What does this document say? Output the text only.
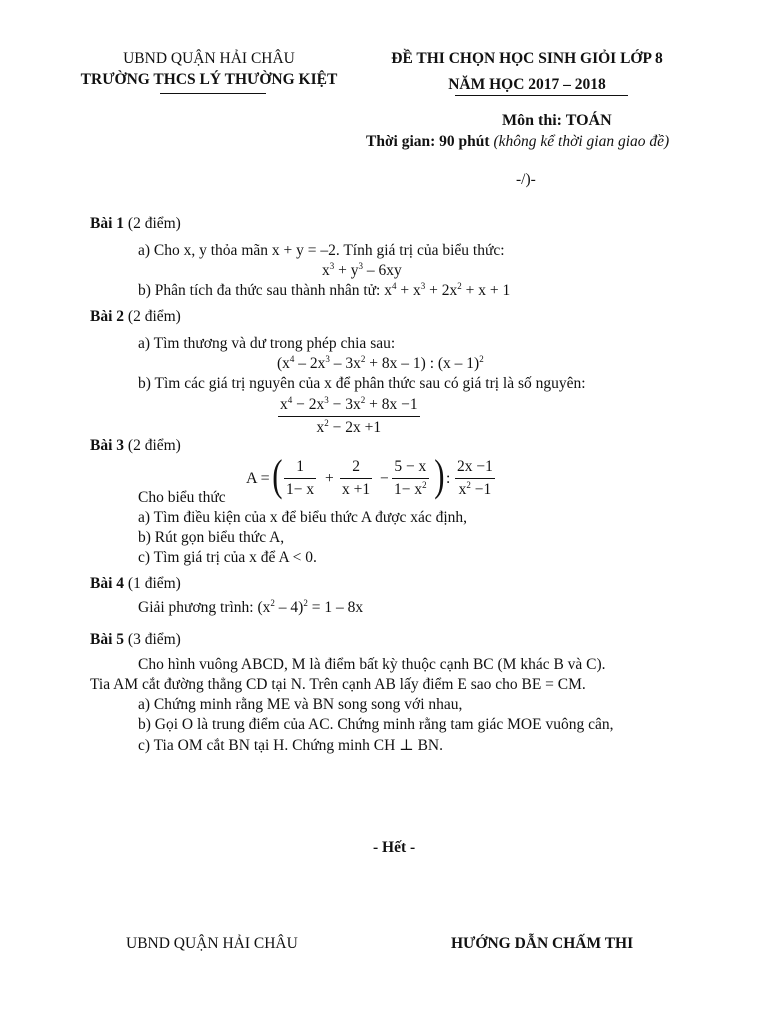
UBND QUẬN HẢI CHÂU
TRƯỜNG THCS LÝ THƯỜNG KIỆT
ĐỀ THI CHỌN HỌC SINH GIỎI LỚP 8
NĂM HỌC 2017 – 2018
Môn thi: TOÁN
Thời gian: 90 phút (không kể thời gian giao đề)
-/)-
Bài 1 (2 điểm)
a) Cho x, y thỏa mãn x + y = –2. Tính giá trị của biểu thức:
$x^3 + y^3 - 6xy$
b) Phân tích đa thức sau thành nhân tử: $x^4 + x^3 + 2x^2 + x + 1$
Bài 2 (2 điểm)
a) Tìm thương và dư trong phép chia sau:
$(x^4 - 2x^3 - 3x^2 + 8x - 1)$ : (x – 1)$^2$
b) Tìm các giá trị nguyên của x để phân thức sau có giá trị là số nguyên:
$x^4 - 2x^3 - 3x^2 + 8x -1$
$x^2 - 2x +1$
Bài 3 (2 điểm)
A = ( 1
1− x
+
2
x +1
−
5 − x
$1- x^2$ ) :
2x −1
$x^2 -1$
Cho biểu thức
a) Tìm điều kiện của x để biểu thức A được xác định,
b) Rút gọn biểu thức A,
c) Tìm giá trị của x để A < 0.
Bài 4 (1 điểm)
Giải phương trình: $(x^2 - 4)^2 = 1 - 8x$
Bài 5 (3 điểm)
Cho hình vuông ABCD, M là điểm bất kỳ thuộc cạnh BC (M khác B và C).
Tia AM cắt đường thẳng CD tại N. Trên cạnh AB lấy điểm E sao cho BE = CM.
a) Chứng minh rằng ME và BN song song với nhau,
b) Gọi O là trung điểm của AC. Chứng minh rằng tam giác MOE vuông cân,
c) Tia OM cắt BN tại H. Chứng minh CH ⊥ BN.
- Hết -
UBND QUẬN HẢI CHÂU	HƯỚNG DẪN CHẤM THI
